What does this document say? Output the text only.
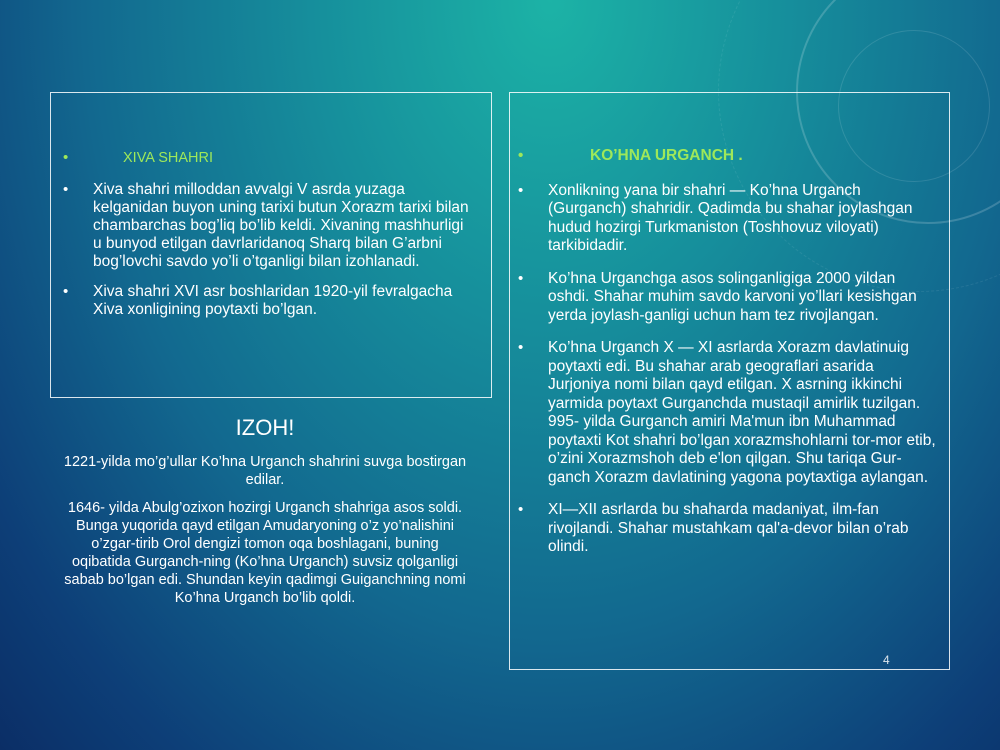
• XIVA SHAHRI
• Xiva shahri milloddan avvalgi V asrda yuzaga kelganidan buyon uning tarixi butun Xorazm tarixi bilan chambarchas bog’liq bo’lib keldi. Xivaning mashhurligi u bunyod etilgan davrlaridanoq Sharq bilan G’arbni bog’lovchi savdo yo’li o’tganligi bilan izohlanadi.
• Xiva shahri XVI asr boshlaridan 1920-yil fevralgacha Xiva xonligining poytaxti bo’lgan.
IZOH!

1221-yilda mo’g’ullar Ko’hna Urganch shahrini suvga bostirgan edilar.

1646- yilda Abulg’ozixon hozirgi Urganch shahriga asos soldi. Bunga yuqorida qayd etilgan Amudaryoning o’z yo’nalishini o’zgar-tirib Orol dengizi tomon oqa boshlagani, buning oqibatida Gurganch-ning (Ko’hna Urganch) suvsiz qolganligi sabab bo’lgan edi. Shundan keyin qadimgi Guiganchning nomi Ko’hna Urganch bo’lib qoldi.

• KO’HNA URGANCH .
• Xonlikning yana bir shahri — Ko’hna Urganch (Gurganch) shahridir. Qadimda bu shahar joylashgan hudud hozirgi Turkmaniston (Toshhovuz viloyati) tarkibidadir.
• Ko’hna Urganchga asos solinganligiga 2000 yildan oshdi. Shahar muhim savdo karvoni yo’llari kesishgan yerda joylash-ganligi uchun ham tez rivojlangan.
• Ko’hna Urganch X — XI asrlarda Xorazm davlatinuig poytaxti edi. Bu shahar arab geograflari asarida Jurjoniya nomi bilan qayd etilgan. X asrning ikkinchi yarmida poytaxt Gurganchda mustaqil amirlik tuzilgan. 995- yilda Gurganch amiri Ma'mun ibn Muhammad poytaxti Kot shahri bo’lgan xorazmshohlarni tor-mor etib, o’zini Xorazmshoh deb e'lon qilgan. Shu tariqa Gur-ganch Xorazm davlatining yagona poytaxtiga aylangan.
• XI—XII asrlarda bu shaharda madaniyat, ilm-fan rivojlandi. Shahar mustahkam qal'a-devor bilan o’rab olindi.
4
